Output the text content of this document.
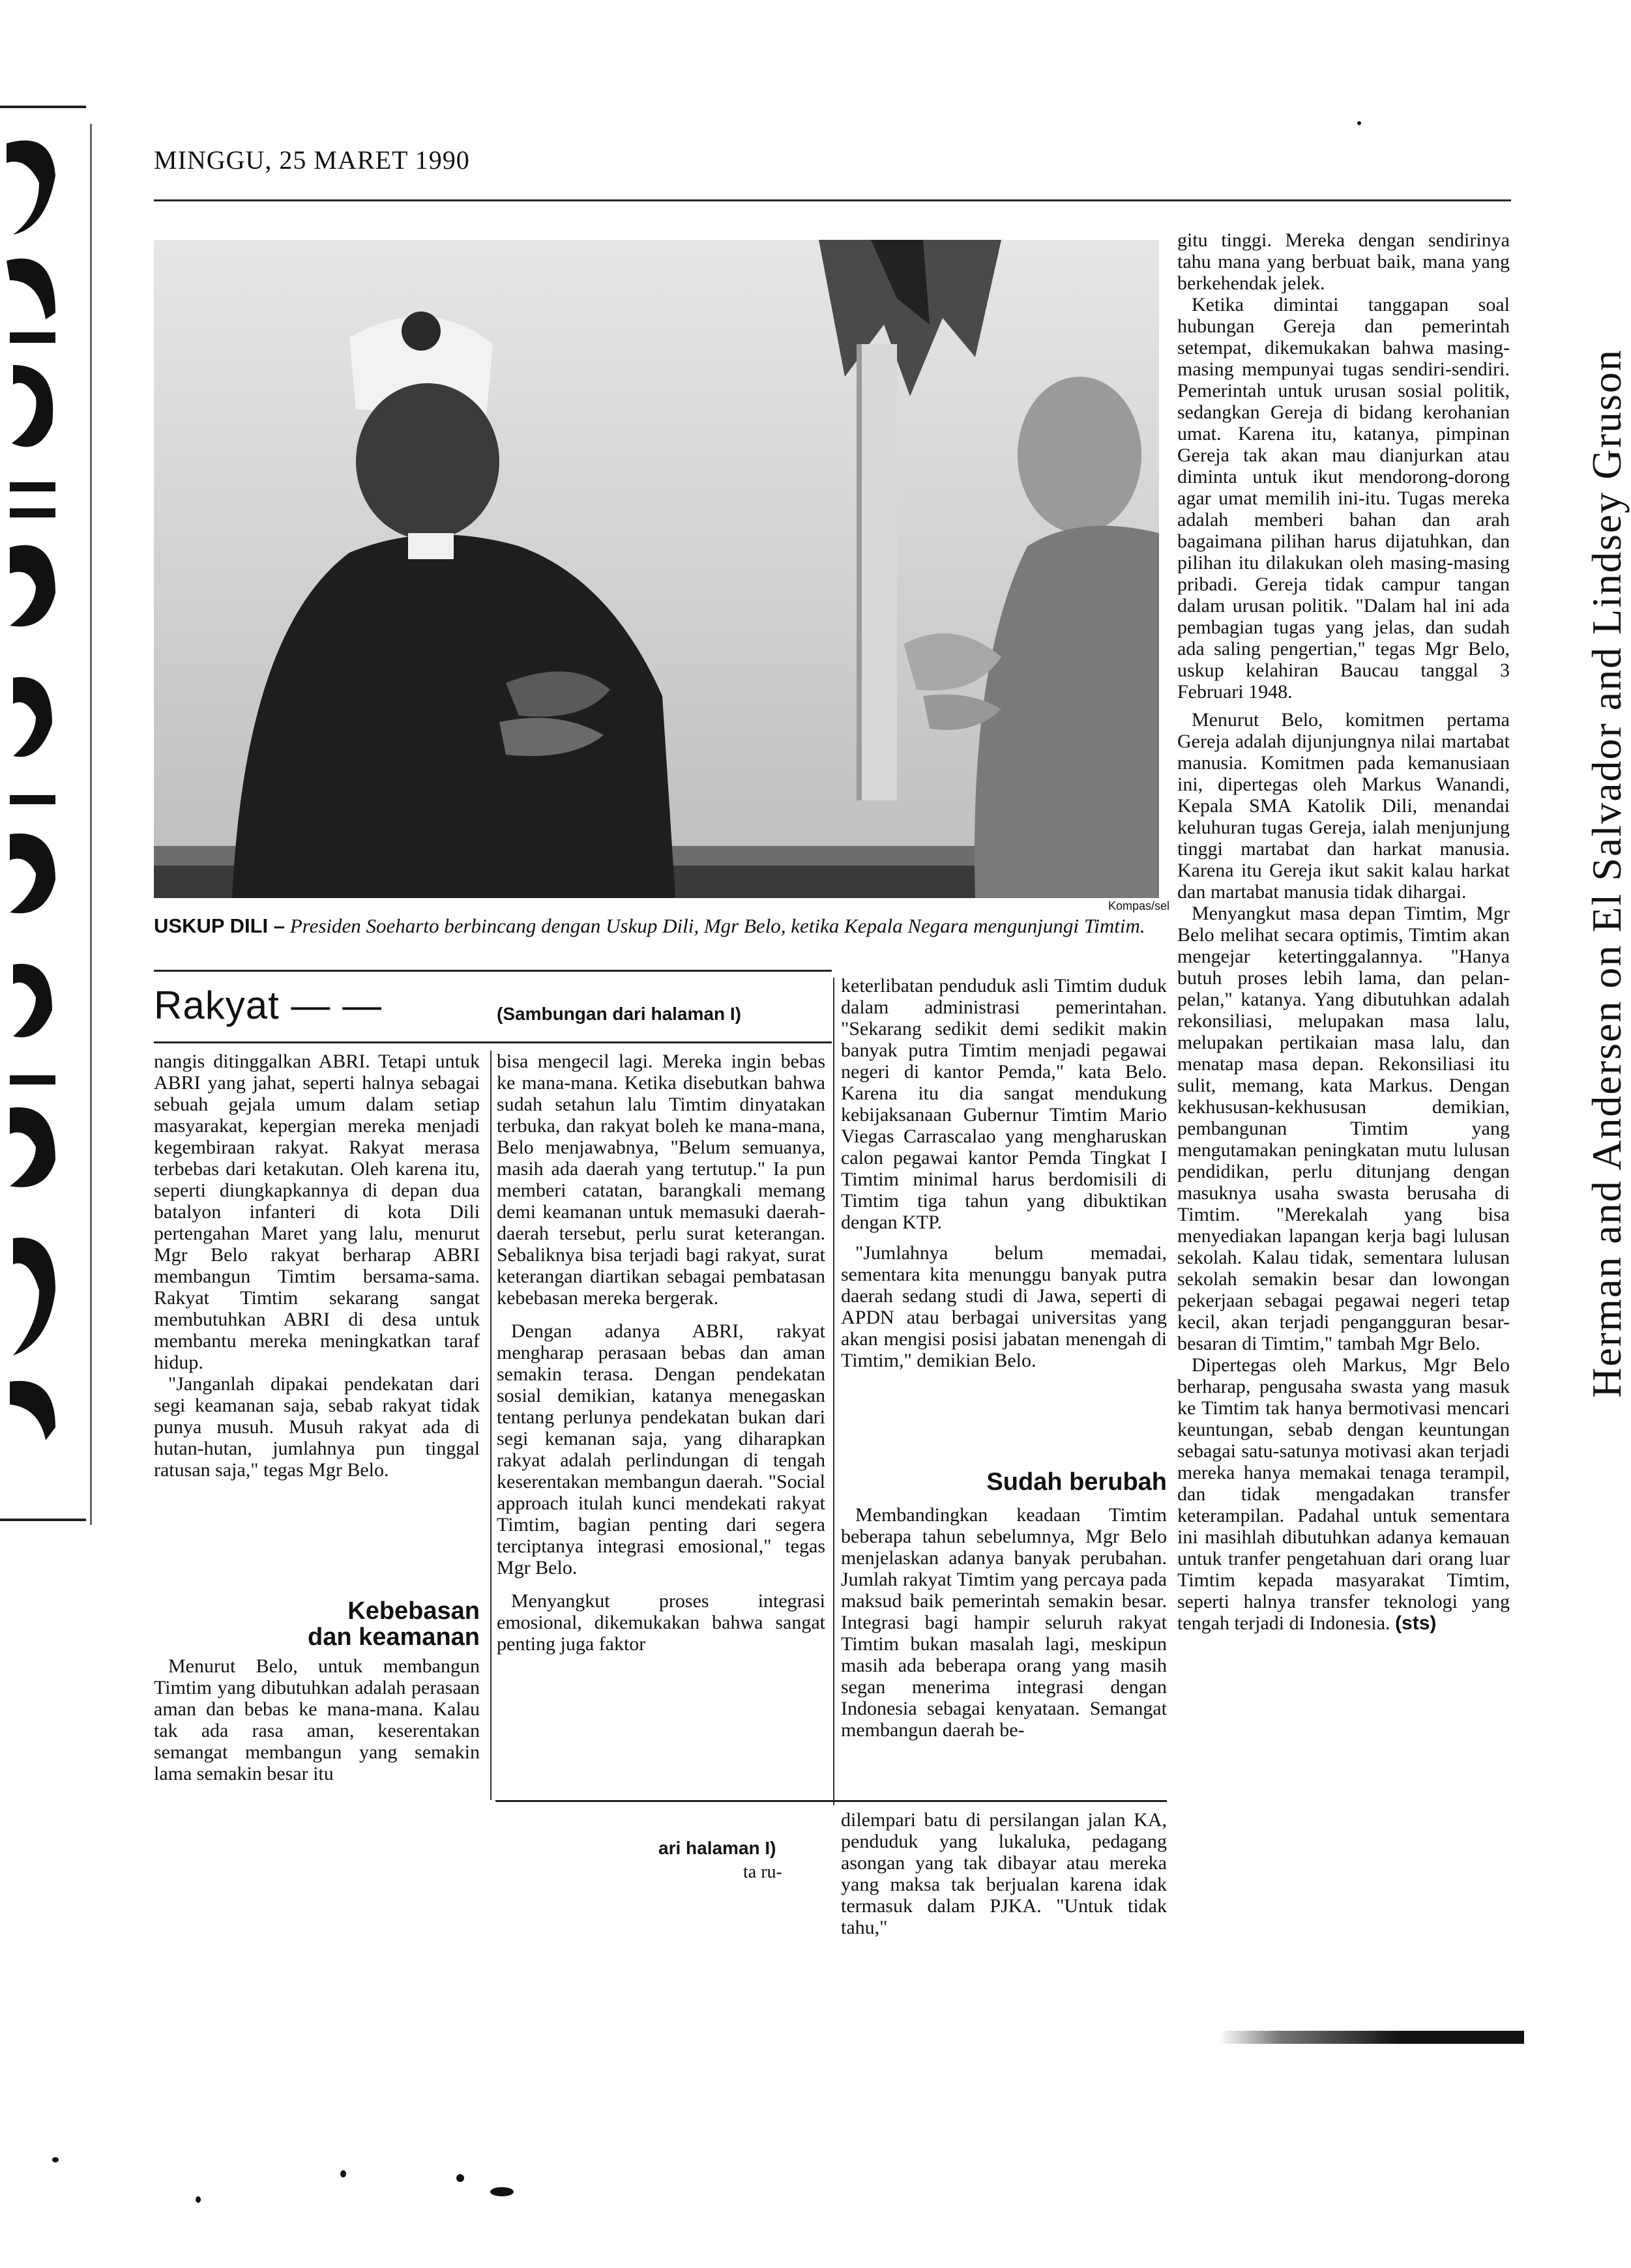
MINGGU, 25 MARET 1990
Herman and Andersen on El Salvador and Lindsey Gruson
Kompas/sel
USKUP DILI – Presiden Soeharto berbincang dengan Uskup Dili, Mgr Belo, ketika Kepala Negara mengunjungi Timtim.
Rakyat — —	(Sambungan dari halaman I)

nangis ditinggalkan ABRI. Tetapi untuk ABRI yang jahat, seperti halnya sebagai sebuah gejala umum dalam setiap masyarakat, kepergian mereka menjadi kegembiraan rakyat. Rakyat merasa terbebas dari ketakutan. Oleh karena itu, seperti diungkapkannya di depan dua batalyon infanteri di kota Dili pertengahan Maret yang lalu, menurut Mgr Belo rakyat berharap ABRI membangun Timtim bersama-sama. Rakyat Timtim sekarang sangat membutuhkan ABRI di desa untuk membantu mereka meningkatkan taraf hidup.

"Janganlah dipakai pendekatan dari segi keamanan saja, sebab rakyat tidak punya musuh. Musuh rakyat ada di hutan-hutan, jumlahnya pun tinggal ratusan saja," tegas Mgr Belo.

Kebebasan
dan keamanan

Menurut Belo, untuk membangun Timtim yang dibutuhkan adalah perasaan aman dan bebas ke mana-mana. Kalau tak ada rasa aman, keserentakan semangat membangun yang semakin lama semakin besar itu

bisa mengecil lagi. Mereka ingin bebas ke mana-mana. Ketika disebutkan bahwa sudah setahun lalu Timtim dinyatakan terbuka, dan rakyat boleh ke mana-mana, Belo menjawabnya, "Belum semuanya, masih ada daerah yang tertutup." Ia pun memberi catatan, barangkali memang demi keamanan untuk memasuki daerah-daerah tersebut, perlu surat keterangan. Sebaliknya bisa terjadi bagi rakyat, surat keterangan diartikan sebagai pembatasan kebebasan mereka bergerak.

Dengan adanya ABRI, rakyat mengharap perasaan bebas dan aman semakin terasa. Dengan pendekatan sosial demikian, katanya menegaskan tentang perlunya pendekatan bukan dari segi kemanan saja, yang diharapkan rakyat adalah perlindungan di tengah keserentakan membangun daerah. "Social approach itulah kunci mendekati rakyat Timtim, bagian penting dari segera terciptanya integrasi emosional," tegas Mgr Belo.

Menyangkut proses integrasi emosional, dikemukakan bahwa sangat penting juga faktor

keterlibatan penduduk asli Timtim duduk dalam administrasi pemerintahan. "Sekarang sedikit demi sedikit makin banyak putra Timtim menjadi pegawai negeri di kantor Pemda," kata Belo. Karena itu dia sangat mendukung kebijaksanaan Gubernur Timtim Mario Viegas Carrascalao yang mengharuskan calon pegawai kantor Pemda Tingkat I Timtim minimal harus berdomisili di Timtim tiga tahun yang dibuktikan dengan KTP.

"Jumlahnya belum memadai, sementara kita menunggu banyak putra daerah sedang studi di Jawa, seperti di APDN atau berbagai universitas yang akan mengisi posisi jabatan menengah di Timtim," demikian Belo.

Sudah berubah

Membandingkan keadaan Timtim beberapa tahun sebelumnya, Mgr Belo menjelaskan adanya banyak perubahan. Jumlah rakyat Timtim yang percaya pada maksud baik pemerintah semakin besar. Integrasi bagi hampir seluruh rakyat Timtim bukan masalah lagi, meskipun masih ada beberapa orang yang masih segan menerima integrasi dengan Indonesia sebagai kenyataan. Semangat membangun daerah be-

ari halaman I)
ta ru-

dilempari batu di persilangan jalan KA, penduduk yang lukaluka, pedagang asongan yang tak dibayar atau mereka yang maksa tak berjualan karena idak termasuk dalam PJKA. "Untuk tidak tahu,"

gitu tinggi. Mereka dengan sendirinya tahu mana yang berbuat baik, mana yang berkehendak jelek.

Ketika dimintai tanggapan soal hubungan Gereja dan pemerintah setempat, dikemukakan bahwa masing-masing mempunyai tugas sendiri-sendiri. Pemerintah untuk urusan sosial politik, sedangkan Gereja di bidang kerohanian umat. Karena itu, katanya, pimpinan Gereja tak akan mau dianjurkan atau diminta untuk ikut mendorong-dorong agar umat memilih ini-itu. Tugas mereka adalah memberi bahan dan arah bagaimana pilihan harus dijatuhkan, dan pilihan itu dilakukan oleh masing-masing pribadi. Gereja tidak campur tangan dalam urusan politik. "Dalam hal ini ada pembagian tugas yang jelas, dan sudah ada saling pengertian," tegas Mgr Belo, uskup kelahiran Baucau tanggal 3 Februari 1948.

Menurut Belo, komitmen pertama Gereja adalah dijunjungnya nilai martabat manusia. Komitmen pada kemanusiaan ini, dipertegas oleh Markus Wanandi, Kepala SMA Katolik Dili, menandai keluhuran tugas Gereja, ialah menjunjung tinggi martabat dan harkat manusia. Karena itu Gereja ikut sakit kalau harkat dan martabat manusia tidak dihargai.

Menyangkut masa depan Timtim, Mgr Belo melihat secara optimis, Timtim akan mengejar ketertinggalannya. "Hanya butuh proses lebih lama, dan pelan-pelan," katanya. Yang dibutuhkan adalah rekonsiliasi, melupakan masa lalu, melupakan pertikaian masa lalu, dan menatap masa depan. Rekonsiliasi itu sulit, memang, kata Markus. Dengan kekhususan-kekhususan demikian, pembangunan Timtim yang mengutamakan peningkatan mutu lulusan pendidikan, perlu ditunjang dengan masuknya usaha swasta berusaha di Timtim. "Merekalah yang bisa menyediakan lapangan kerja bagi lulusan sekolah. Kalau tidak, sementara lulusan sekolah semakin besar dan lowongan pekerjaan sebagai pegawai negeri tetap kecil, akan terjadi pengangguran besar-besaran di Timtim," tambah Mgr Belo.

Dipertegas oleh Markus, Mgr Belo berharap, pengusaha swasta yang masuk ke Timtim tak hanya bermotivasi mencari keuntungan, sebab dengan keuntungan sebagai satu-satunya motivasi akan terjadi mereka hanya memakai tenaga terampil, dan tidak mengadakan transfer keterampilan. Padahal untuk sementara ini masihlah dibutuhkan adanya kemauan untuk tranfer pengetahuan dari orang luar Timtim kepada masyarakat Timtim, seperti halnya transfer teknologi yang tengah terjadi di Indonesia. (sts)
